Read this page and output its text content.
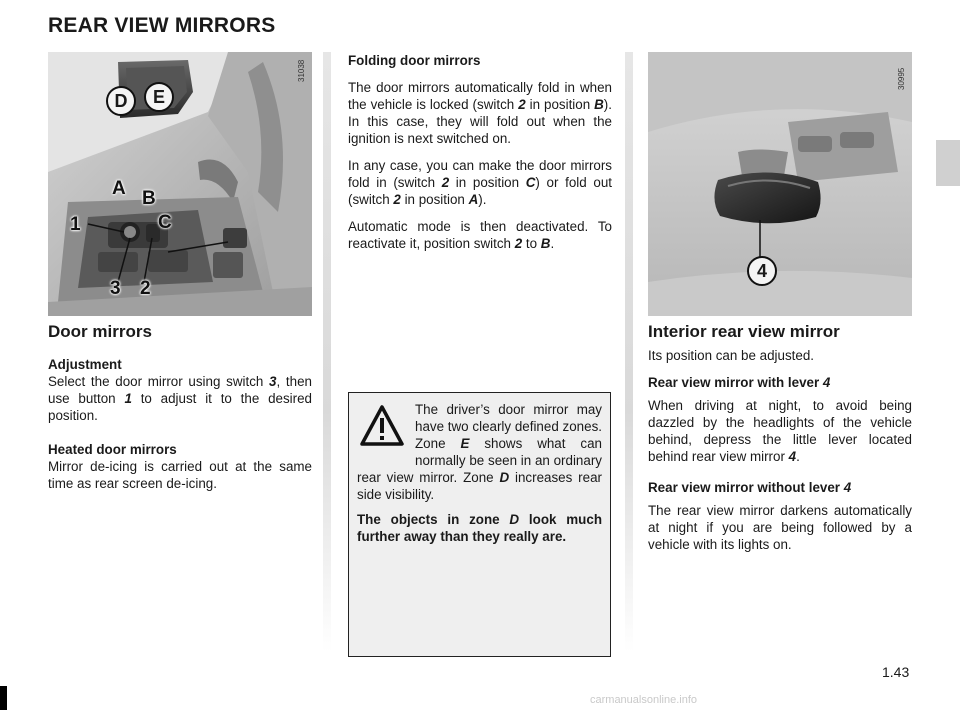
REAR VIEW MIRRORS
31038
D	E
A B
C
1
3 2
30995
4
Door mirrors

Adjustment
Select the door mirror using switch 3, then use button 1 to adjust it to the desired position.

Heated door mirrors
Mirror de-icing is carried out at the same time as rear screen de-icing.

Folding door mirrors

The door mirrors automatically fold in when the vehicle is locked (switch 2 in position B). In this case, they will fold out when the ignition is next switched on.

In any case, you can make the door mirrors fold in (switch 2 in position C) or fold out (switch 2 in position A).

Automatic mode is then deactivated. To reactivate it, position switch 2 to B.

The driver’s door mirror may have two clearly defined zones. Zone E shows what can normally be seen in an ordinary rear view mirror. Zone D increases rear side visibility.

The objects in zone D look much further away than they really are.

Interior rear view mirror

Its position can be adjusted.

Rear view mirror with lever 4

When driving at night, to avoid being dazzled by the headlights of the vehicle behind, depress the little lever located behind rear view mirror 4.

Rear view mirror without lever 4

The rear view mirror darkens automatically at night if you are being followed by a vehicle with its lights on.

1.43
carmanualsonline.info
